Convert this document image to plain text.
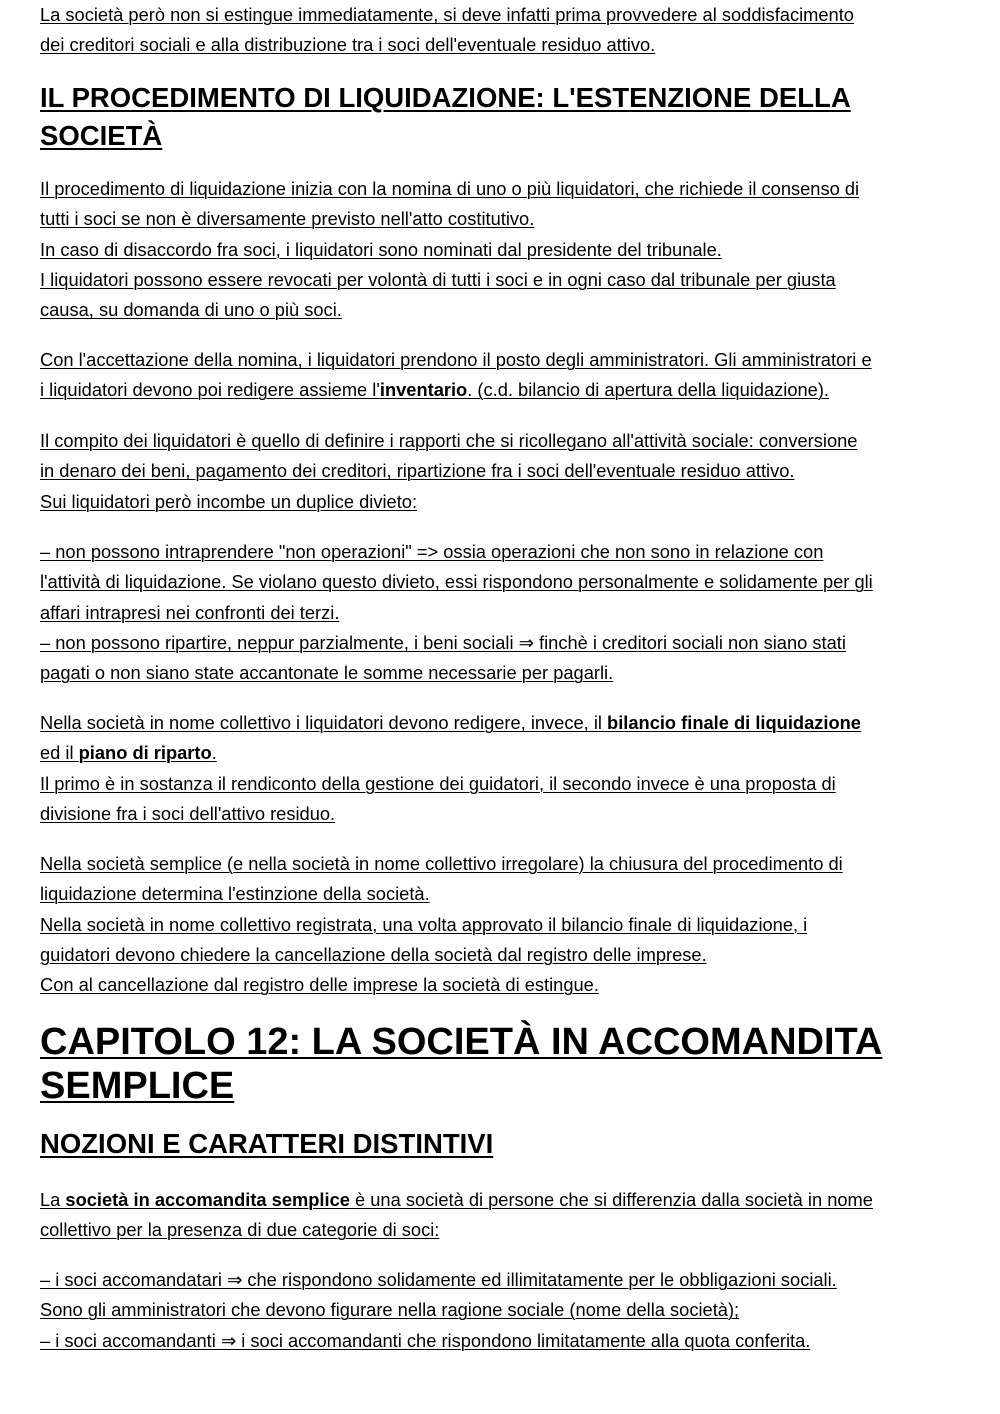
La società però non si estingue immediatamente, si deve infatti prima provvedere al soddisfacimento
dei creditori sociali e alla distribuzione tra i soci dell'eventuale residuo attivo.

IL PROCEDIMENTO DI LIQUIDAZIONE: L'ESTENZIONE DELLA
SOCIETÀ

Il procedimento di liquidazione inizia con la nomina di uno o più liquidatori, che richiede il consenso di
tutti i soci se non è diversamente previsto nell'atto costitutivo.
In caso di disaccordo fra soci, i liquidatori sono nominati dal presidente del tribunale.
I liquidatori possono essere revocati per volontà di tutti i soci e in ogni caso dal tribunale per giusta
causa, su domanda di uno o più soci.

Con l'accettazione della nomina, i liquidatori prendono il posto degli amministratori. Gli amministratori e
i liquidatori devono poi redigere assieme l'inventario. (c.d. bilancio di apertura della liquidazione).

Il compito dei liquidatori è quello di definire i rapporti che si ricollegano all'attività sociale: conversione
in denaro dei beni, pagamento dei creditori, ripartizione fra i soci dell'eventuale residuo attivo.
Sui liquidatori però incombe un duplice divieto:

– non possono intraprendere "non operazioni" => ossia operazioni che non sono in relazione con
l'attività di liquidazione. Se violano questo divieto, essi rispondono personalmente e solidamente per gli
affari intrapresi nei confronti dei terzi.
– non possono ripartire, neppur parzialmente, i beni sociali ⇒ finchè i creditori sociali non siano stati
pagati o non siano state accantonate le somme necessarie per pagarli.

Nella società in nome collettivo i liquidatori devono redigere, invece, il bilancio finale di liquidazione
ed il piano di riparto.
Il primo è in sostanza il rendiconto della gestione dei guidatori, il secondo invece è una proposta di
divisione fra i soci dell'attivo residuo.

Nella società semplice (e nella società in nome collettivo irregolare) la chiusura del procedimento di
liquidazione determina l'estinzione della società.
Nella società in nome collettivo registrata, una volta approvato il bilancio finale di liquidazione, i
guidatori devono chiedere la cancellazione della società dal registro delle imprese.
Con al cancellazione dal registro delle imprese la società di estingue.

CAPITOLO 12: LA SOCIETÀ IN ACCOMANDITA
SEMPLICE
NOZIONI E CARATTERI DISTINTIVI

La società in accomandita semplice è una società di persone che si differenzia dalla società in nome
collettivo per la presenza di due categorie di soci:

– i soci accomandatari ⇒ che rispondono solidamente ed illimitatamente per le obbligazioni sociali.
Sono gli amministratori che devono figurare nella ragione sociale (nome della società);
– i soci accomandanti ⇒ i soci accomandanti che rispondono limitatamente alla quota conferita.
